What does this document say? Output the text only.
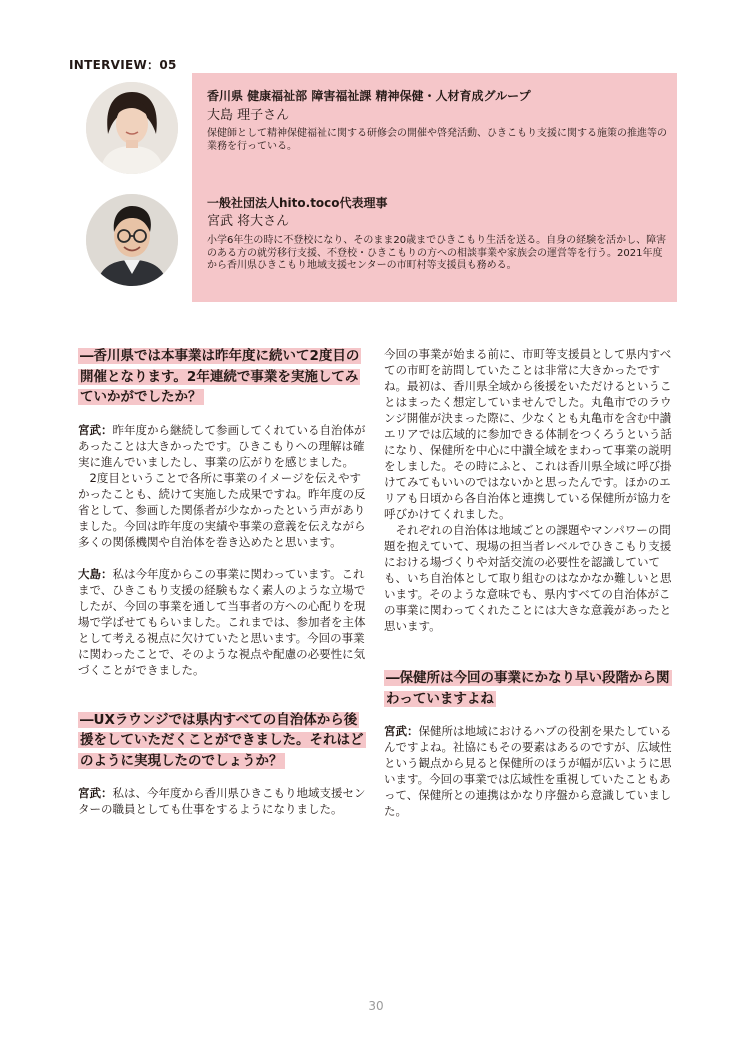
INTERVIEW：05
香川県 健康福祉部 障害福祉課 精神保健・人材育成グループ
大島 理子さん
保健師として精神保健福祉に関する研修会の開催や啓発活動、ひきこもり支援に関する施策の推進等の業務を行っている。
一般社団法人hito.toco代表理事
宮武 将大さん
小学6年生の時に不登校になり、そのまま20歳までひきこもり生活を送る。自身の経験を活かし、障害のある方の就労移行支援、不登校・ひきこもりの方への相談事業や家族会の運営等を行う。2021年度から香川県ひきこもり地域支援センターの市町村等支援員も務める。
―香川県では本事業は昨年度に続いて2度目の開催となります。2年連続で事業を実施してみていかがでしたか？

宮武：昨年度から継続して参画してくれている自治体があったことは大きかったです。ひきこもりへの理解は確実に進んでいましたし、事業の広がりを感じました。

2度目ということで各所に事業のイメージを伝えやすかったことも、続けて実施した成果ですね。昨年度の反省として、参画した関係者が少なかったという声がありました。今回は昨年度の実績や事業の意義を伝えながら多くの関係機関や自治体を巻き込めたと思います。

大島：私は今年度からこの事業に関わっています。これまで、ひきこもり支援の経験もなく素人のような立場でしたが、今回の事業を通して当事者の方への心配りを現場で学ばせてもらいました。これまでは、参加者を主体として考える視点に欠けていたと思います。今回の事業に関わったことで、そのような視点や配慮の必要性に気づくことができました。

―UXラウンジでは県内すべての自治体から後援をしていただくことができました。それはどのように実現したのでしょうか？

宮武：私は、今年度から香川県ひきこもり地域支援センターの職員としても仕事をするようになりました。

今回の事業が始まる前に、市町等支援員として県内すべての市町を訪問していたことは非常に大きかったですね。最初は、香川県全域から後援をいただけるということはまったく想定していませんでした。丸亀市でのラウンジ開催が決まった際に、少なくとも丸亀市を含む中讃エリアでは広域的に参加できる体制をつくろうという話になり、保健所を中心に中讃全域をまわって事業の説明をしました。その時にふと、これは香川県全域に呼び掛けてみてもいいのではないかと思ったんです。ほかのエリアも日頃から各自治体と連携している保健所が協力を呼びかけてくれました。

それぞれの自治体は地域ごとの課題やマンパワーの問題を抱えていて、現場の担当者レベルでひきこもり支援における場づくりや対話交流の必要性を認識していても、いち自治体として取り組むのはなかなか難しいと思います。そのような意味でも、県内すべての自治体がこの事業に関わってくれたことには大きな意義があったと思います。

―保健所は今回の事業にかなり早い段階から関わっていますよね

宮武：保健所は地域におけるハブの役割を果たしているんですよね。社協にもその要素はあるのですが、広域性という観点から見ると保健所のほうが幅が広いように思います。今回の事業では広域性を重視していたこともあって、保健所との連携はかなり序盤から意識していました。

30
